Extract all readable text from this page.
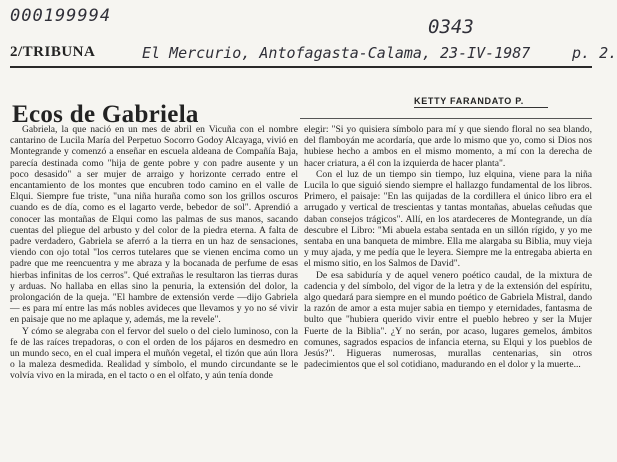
000199994	0343
El Mercurio, Antofagasta-Calama, 23-IV-1987	p. 2.
2/TRIBUNA
Ecos de Gabriela	KETTY FARANDATO P.

Gabriela, la que nació en un mes de abril en Vicuña con el nombre cantarino de Lucila María del Perpetuo Socorro Godoy Alcayaga, vivió en Montegrande y comenzó a enseñar en escuela aldeana de Compañía Baja, parecía destinada como "hija de gente pobre y con padre ausente y un poco desasido" a ser mujer de arraigo y horizonte cerrado entre el encantamiento de los montes que encubren todo camino en el valle de Elqui. Siempre fue triste, "una niña huraña como son los grillos oscuros cuando es de día, como es el lagarto verde, bebedor de sol". Aprendió a conocer las montañas de Elqui como las palmas de sus manos, sacando cuentas del pliegue del arbusto y del color de la piedra eterna. A falta de padre verdadero, Gabriela se aferró a la tierra en un haz de sensaciones, viendo con ojo total "los cerros tutelares que se vienen encima como un padre que me reencuentra y me abraza y la bocanada de perfume de esas hierbas infinitas de los cerros". Qué extrañas le resultaron las tierras duras y arduas. No hallaba en ellas sino la penuria, la extensión del dolor, la prolongación de la queja. "El hambre de extensión verde —dijo Gabriela— es para mí entre las más nobles avideces que llevamos y yo no sé vivir en paisaje que no me aplaque y, además, me la revele".

Y cómo se alegraba con el fervor del suelo o del cielo luminoso, con la fe de las raíces trepadoras, o con el orden de los pájaros en desmedro en un mundo seco, en el cual impera el muñón vegetal, el tizón que aún llora o la maleza desmedida. Realidad y símbolo, el mundo circundante se le volvía vivo en la mirada, en el tacto o en el olfato, y aún tenía donde

elegir: "Si yo quisiera símbolo para mí y que siendo floral no sea blando, del flamboyán me acordaría, que arde lo mismo que yo, como si Dios nos hubiese hecho a ambos en el mismo momento, a mí con la derecha de hacer criatura, a él con la izquierda de hacer planta".

Con el luz de un tiempo sin tiempo, luz elquina, viene para la niña Lucila lo que siguió siendo siempre el hallazgo fundamental de los libros. Primero, el paisaje: "En las quijadas de la cordillera el único libro era el arrugado y vertical de trescientas y tantas montañas, abuelas ceñudas que daban consejos trágicos". Allí, en los atardeceres de Montegrande, un día descubre el Libro: "Mi abuela estaba sentada en un sillón rígido, y yo me sentaba en una banqueta de mimbre. Ella me alargaba su Biblia, muy vieja y muy ajada, y me pedía que le leyera. Siempre me la entregaba abierta en el mismo sitio, en los Salmos de David".

De esa sabiduría y de aquel venero poético caudal, de la mixtura de cadencia y del símbolo, del vigor de la letra y de la extensión del espíritu, algo quedará para siempre en el mundo poético de Gabriela Mistral, dando la razón de amor a esta mujer sabia en tiempo y eternidades, fantasma de bulto que "hubiera querido vivir entre el pueblo hebreo y ser la Mujer Fuerte de la Biblia". ¿Y no serán, por acaso, lugares gemelos, ámbitos comunes, sagrados espacios de infancia eterna, su Elqui y los pueblos de Jesús?". Higueras numerosas, murallas centenarias, sin otros padecimientos que el sol cotidiano, madurando en el dolor y la muerte...
